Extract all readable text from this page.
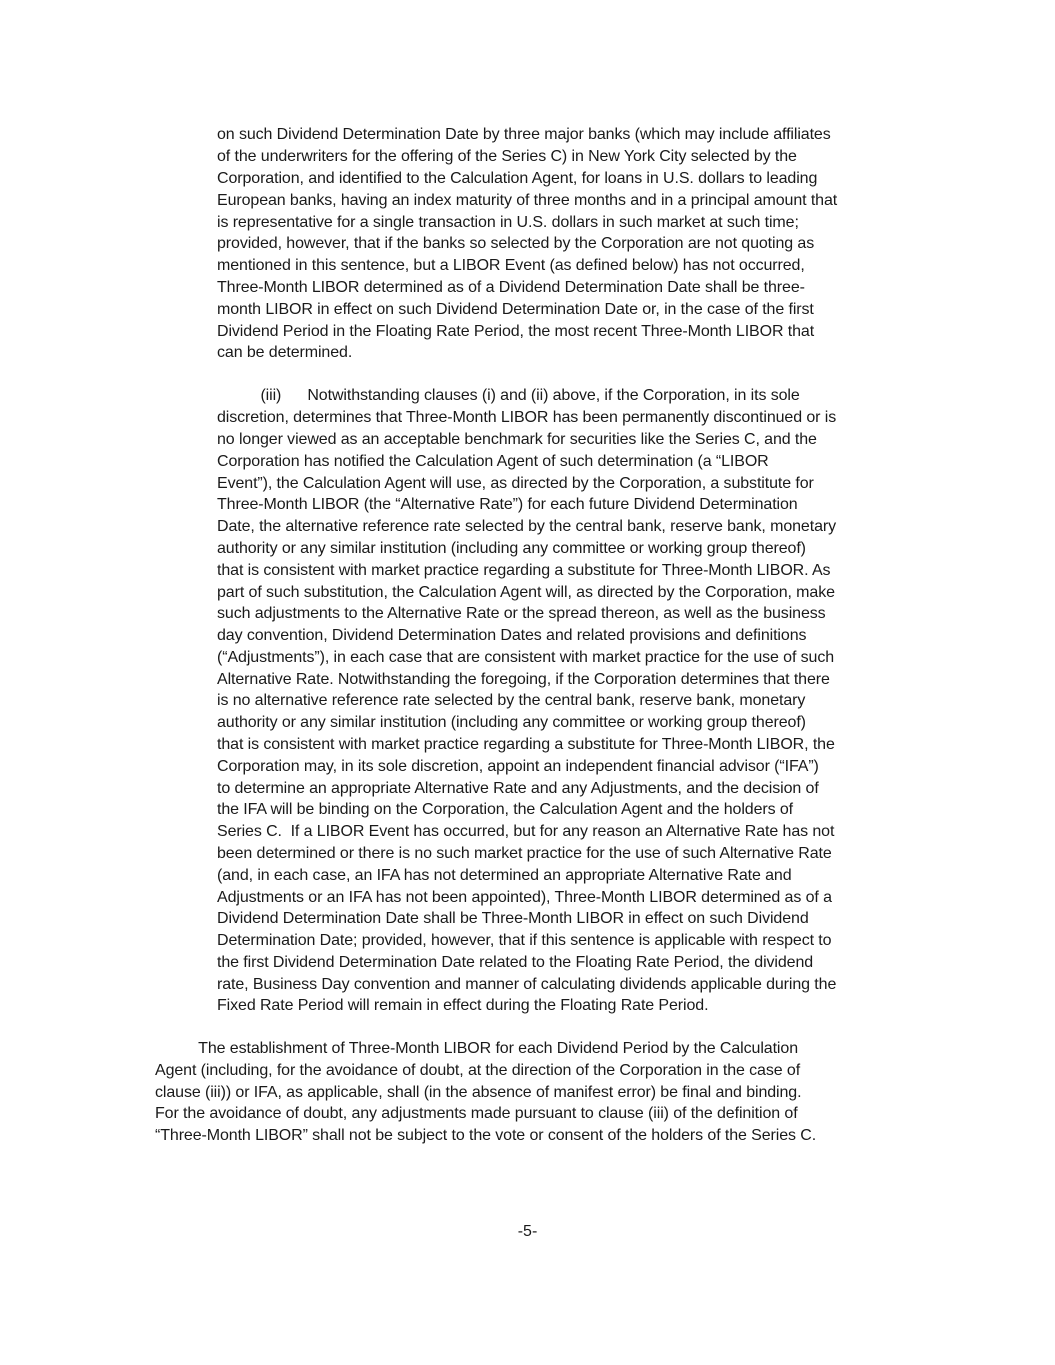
on such Dividend Determination Date by three major banks (which may include affiliates

of the underwriters for the offering of the Series C) in New York City selected by the

Corporation, and identified to the Calculation Agent, for loans in U.S. dollars to leading

European banks, having an index maturity of three months and in a principal amount that

is representative for a single transaction in U.S. dollars in such market at such time;

provided, however, that if the banks so selected by the Corporation are not quoting as

mentioned in this sentence, but a LIBOR Event (as defined below) has not occurred,

Three-Month LIBOR determined as of a Dividend Determination Date shall be three-

month LIBOR in effect on such Dividend Determination Date or, in the case of the first

Dividend Period in the Floating Rate Period, the most recent Three-Month LIBOR that

can be determined.

(iii)      Notwithstanding clauses (i) and (ii) above, if the Corporation, in its sole

discretion, determines that Three-Month LIBOR has been permanently discontinued or is

no longer viewed as an acceptable benchmark for securities like the Series C, and the

Corporation has notified the Calculation Agent of such determination (a “LIBOR

Event”), the Calculation Agent will use, as directed by the Corporation, a substitute for

Three-Month LIBOR (the “Alternative Rate”) for each future Dividend Determination

Date, the alternative reference rate selected by the central bank, reserve bank, monetary

authority or any similar institution (including any committee or working group thereof)

that is consistent with market practice regarding a substitute for Three-Month LIBOR. As

part of such substitution, the Calculation Agent will, as directed by the Corporation, make

such adjustments to the Alternative Rate or the spread thereon, as well as the business

day convention, Dividend Determination Dates and related provisions and definitions

(“Adjustments”), in each case that are consistent with market practice for the use of such

Alternative Rate. Notwithstanding the foregoing, if the Corporation determines that there

is no alternative reference rate selected by the central bank, reserve bank, monetary

authority or any similar institution (including any committee or working group thereof)

that is consistent with market practice regarding a substitute for Three-Month LIBOR, the

Corporation may, in its sole discretion, appoint an independent financial advisor (“IFA”)

to determine an appropriate Alternative Rate and any Adjustments, and the decision of

the IFA will be binding on the Corporation, the Calculation Agent and the holders of

Series C.  If a LIBOR Event has occurred, but for any reason an Alternative Rate has not

been determined or there is no such market practice for the use of such Alternative Rate

(and, in each case, an IFA has not determined an appropriate Alternative Rate and

Adjustments or an IFA has not been appointed), Three-Month LIBOR determined as of a

Dividend Determination Date shall be Three-Month LIBOR in effect on such Dividend

Determination Date; provided, however, that if this sentence is applicable with respect to

the first Dividend Determination Date related to the Floating Rate Period, the dividend

rate, Business Day convention and manner of calculating dividends applicable during the

Fixed Rate Period will remain in effect during the Floating Rate Period.

The establishment of Three-Month LIBOR for each Dividend Period by the Calculation

Agent (including, for the avoidance of doubt, at the direction of the Corporation in the case of

clause (iii)) or IFA, as applicable, shall (in the absence of manifest error) be final and binding.

For the avoidance of doubt, any adjustments made pursuant to clause (iii) of the definition of

“Three-Month LIBOR” shall not be subject to the vote or consent of the holders of the Series C.

-5-
